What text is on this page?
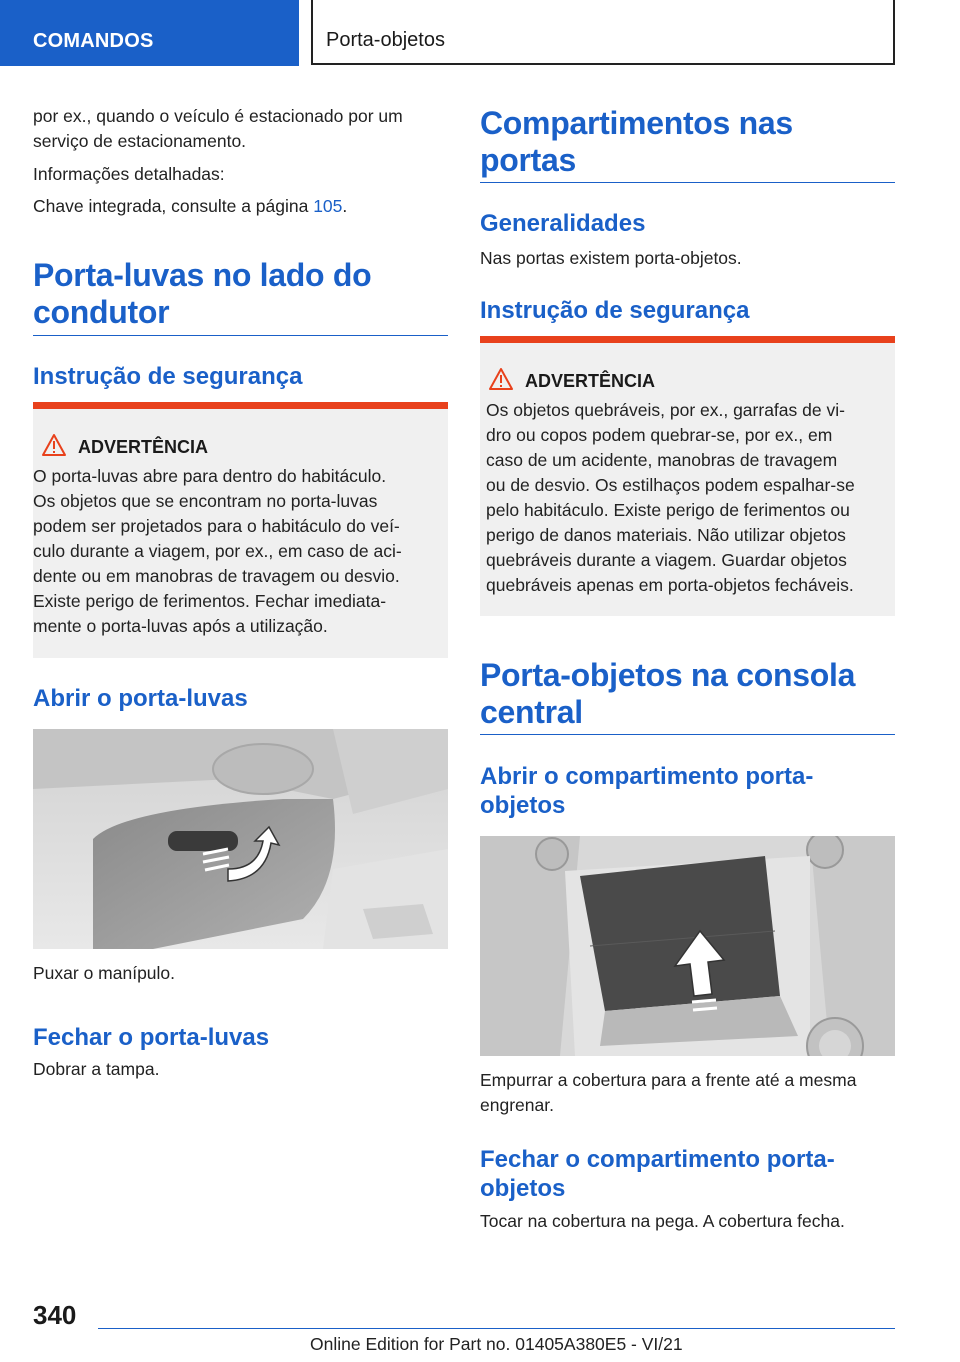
COMANDOS	Porta-objetos
por ex., quando o veículo é estacionado por um
serviço de estacionamento.
Informações detalhadas:
Chave integrada, consulte a página 105.
Porta-luvas no lado do
condutor
Instrução de segurança
ADVERTÊNCIA
O porta-luvas abre para dentro do habitáculo.
Os objetos que se encontram no porta-luvas
podem ser projetados para o habitáculo do veí-
culo durante a viagem, por ex., em caso de aci-
dente ou em manobras de travagem ou desvio.
Existe perigo de ferimentos. Fechar imediata-
mente o porta-luvas após a utilização.
Abrir o porta-luvas
Puxar o manípulo.
Fechar o porta-luvas
Dobrar a tampa.
Compartimentos nas
portas
Generalidades
Nas portas existem porta-objetos.
Instrução de segurança
ADVERTÊNCIA
Os objetos quebráveis, por ex., garrafas de vi-
dro ou copos podem quebrar-se, por ex., em
caso de um acidente, manobras de travagem
ou de desvio. Os estilhaços podem espalhar-se
pelo habitáculo. Existe perigo de ferimentos ou
perigo de danos materiais. Não utilizar objetos
quebráveis durante a viagem. Guardar objetos
quebráveis apenas em porta-objetos fecháveis.
Porta-objetos na consola
central
Abrir o compartimento porta-
objetos
Empurrar a cobertura para a frente até a mesma
engrenar.
Fechar o compartimento porta-
objetos
Tocar na cobertura na pega. A cobertura fecha.
340
Online Edition for Part no. 01405A380E5 - VI/21
